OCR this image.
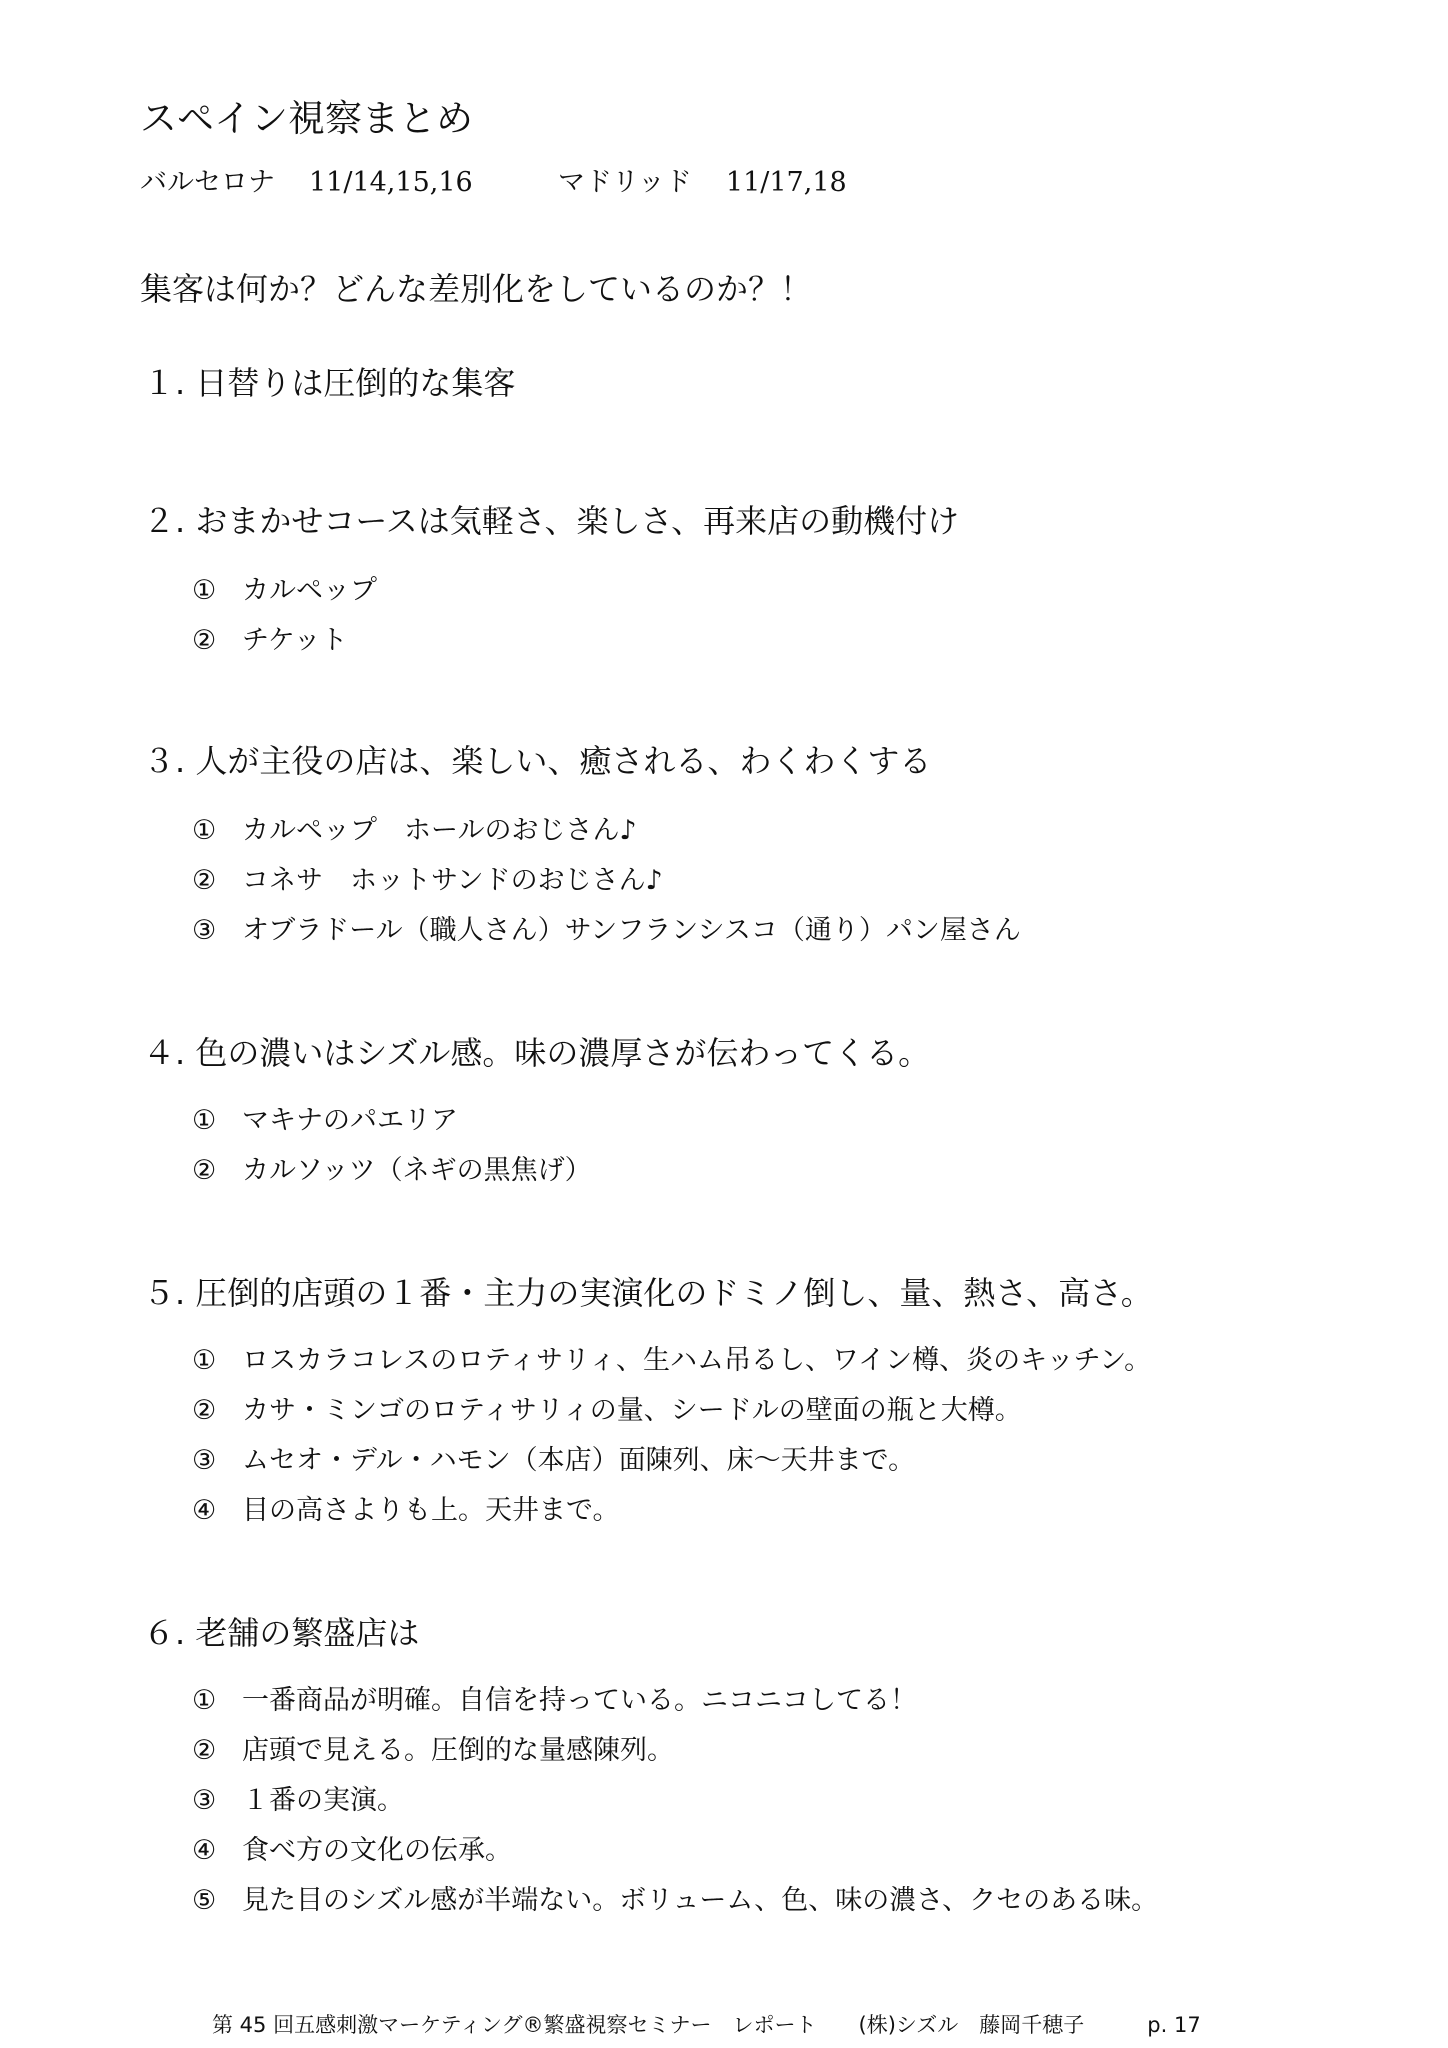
スペイン視察まとめ
バルセロナ 11/14,15,16	マドリッド 11/17,18
集客は何か？どんな差別化をしているのか？！
１. 日替りは圧倒的な集客
２. おまかせコースは気軽さ、楽しさ、再来店の動機付け
① カルペップ
② チケット
３. 人が主役の店は、楽しい、癒される、わくわくする
① カルペップ　ホールのおじさん♪
② コネサ　ホットサンドのおじさん♪
③ オブラドール（職人さん）サンフランシスコ（通り）パン屋さん
４. 色の濃いはシズル感。味の濃厚さが伝わってくる。
① マキナのパエリア
② カルソッツ（ネギの黒焦げ）
５. 圧倒的店頭の１番・主力の実演化のドミノ倒し、量、熱さ、高さ。
① ロスカラコレスのロティサリィ、生ハム吊るし、ワイン樽、炎のキッチン。
② カサ・ミンゴのロティサリィの量、シードルの壁面の瓶と大樽。
③ ムセオ・デル・ハモン（本店）面陳列、床～天井まで。
④ 目の高さよりも上。天井まで。
６. 老舗の繁盛店は
① 一番商品が明確。自信を持っている。ニコニコしてる！
② 店頭で見える。圧倒的な量感陳列。
③ １番の実演。
④ 食べ方の文化の伝承。
⑤ 見た目のシズル感が半端ない。ボリューム、色、味の濃さ、クセのある味。
第 45 回五感刺激マーケティング®繁盛視察セミナー　レポート　　(株)シズル　藤岡千穂子　　　p. 17
